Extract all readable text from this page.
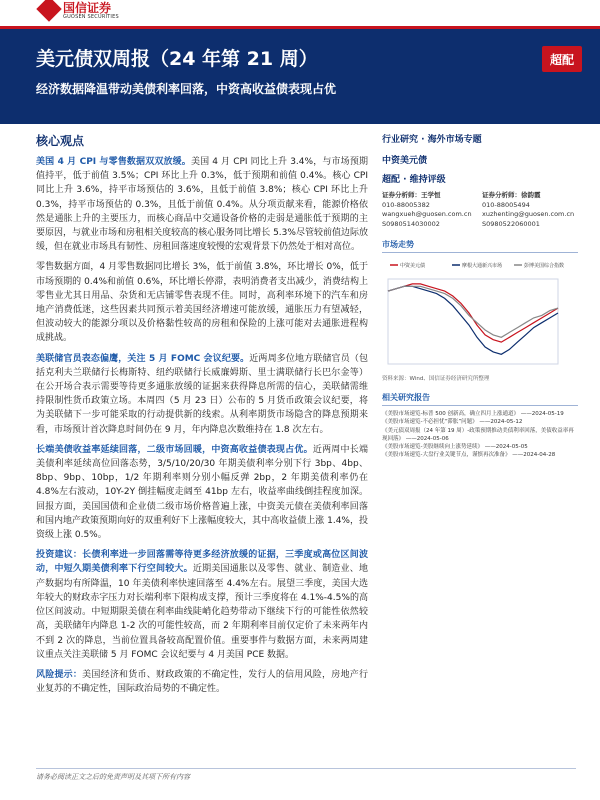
国信证券
GUOSEN SECURITIES
美元债双周报（24 年第 21 周）
经济数据降温带动美债利率回落，中资高收益债表现占优
超配
核心观点

美国 4 月 CPI 与零售数据双双放缓。美国 4 月 CPI 同比上升 3.4%，与市场预期值持平，低于前值 3.5%；CPI 环比上升 0.3%，低于预期和前值 0.4%。核心 CPI 同比上升 3.6%，持平市场预估的 3.6%，且低于前值 3.8%；核心 CPI 环比上升 0.3%，持平市场预估的 0.3%，且低于前值 0.4%。从分项贡献来看，能源价格依然是通胀上升的主要压力，而核心商品中交通设备价格的走弱是通胀低于预期的主要原因，与就业市场和房租相关度较高的核心服务同比增长 5.3%尽管较前值边际放缓，但在就业市场具有韧性、房租回落速度较慢的宏观背景下仍然处于相对高位。

零售数据方面，4 月零售数据同比增长 3%，低于前值 3.8%，环比增长 0%，低于市场预期的 0.4%和前值 0.6%，环比增长停滞，表明消费者支出减少，消费结构上零售业尤其日用品、杂货和无店铺零售表现不佳。同时，高利率环境下的汽车和房地产消费低迷，这些因素共同预示着美国经济增速可能放缓，通胀压力有望减轻，但波动较大的能源分项以及价格黏性较高的房租和保险的上涨可能对去通胀进程构成挑战。

美联储官员表态偏鹰，关注 5 月 FOMC 会议纪要。近两周多位地方联储官员（包括克利夫兰联储行长梅斯特、纽约联储行长威廉姆斯、里士满联储行长巴尔金等）在公开场合表示需要等待更多通胀放缓的证据来获得降息所需的信心，美联储需维持限制性货币政策立场。本周四（5 月 23 日）公布的 5 月货币政策会议纪要，将为美联储下一步可能采取的行动提供新的线索。从利率期货市场隐含的降息预期来看，市场预计首次降息时间仍在 9 月，年内降息次数维持在 1.8 次左右。

长端美债收益率延续回落，二级市场回暖，中资高收益债表现占优。近两周中长端美债利率延续高位回落态势，3/5/10/20/30 年期美债利率分别下行 3bp、4bp、8bp、9bp、10bp，1/2 年期利率则分别小幅反弹 2bp，2 年期美债利率仍在 4.8%左右波动，10Y-2Y 倒挂幅度走阔至 41bp 左右，收益率曲线倒挂程度加深。回报方面，美国国债和企业债二级市场价格普遍上涨，中资美元债在美债利率回落和国内地产政策预期向好的双重利好下上涨幅度较大，其中高收益债上涨 1.4%，投资级上涨 0.5%。

投资建议：长债利率进一步回落需等待更多经济放缓的证据，三季度或高位区间波动，中短久期美债利率下行空间较大。近期美国通胀以及零售、就业、制造业、地产数据均有所降温，10 年美债利率快速回落至 4.4%左右。展望三季度，美国大选年较大的财政赤字压力对长端利率下限构成支撑，预计三季度将在 4.1%-4.5%的高位区间波动。中短期限美债在利率曲线陡峭化趋势带动下继续下行的可能性依然较高，美联储年内降息 1-2 次的可能性较高，而 2 年期利率目前仅定价了未来两年内不到 2 次的降息，当前位置具备较高配置价值。重要事件与数据方面，未来两周建议重点关注美联储 5 月 FOMC 会议纪要与 4 月美国 PCE 数据。

风险提示：美国经济和货币、财政政策的不确定性，发行人的信用风险，房地产行业复苏的不确定性，国际政治局势的不确定性。

行业研究 · 海外市场专题
中资美元债
超配 · 维持评级
证券分析师：王学恒
010-88005382
wangxueh@guosen.com.cn
S0980514030002
证券分析师：徐韵霞
010-88005494
xuzhenting@guosen.com.cn
S0980522060001
市场走势
中资美元债	摩根大通新兴市场	彭博美国综合指数
资料来源：Wind、国信证券经济研究所整理
相关研究报告
《美股市场速览-标普 500 创新高，确立四月上涨通道》 ——2024-05-19
《美股市场速览-不必担忧“滞胀”问题》 ——2024-05-12
《美元债双周报（24 年第 19 周）-政策预期推动美债利率回落，美债收益率再现回落》 ——2024-05-06
《美股市场速览-美股继续向上涨势延续》 ——2024-05-05
《美股市场速览-大盘行业关键节点，谨慎再次准备》 ——2024-04-28
请务必阅读正文之后的免责声明及其项下所有内容
